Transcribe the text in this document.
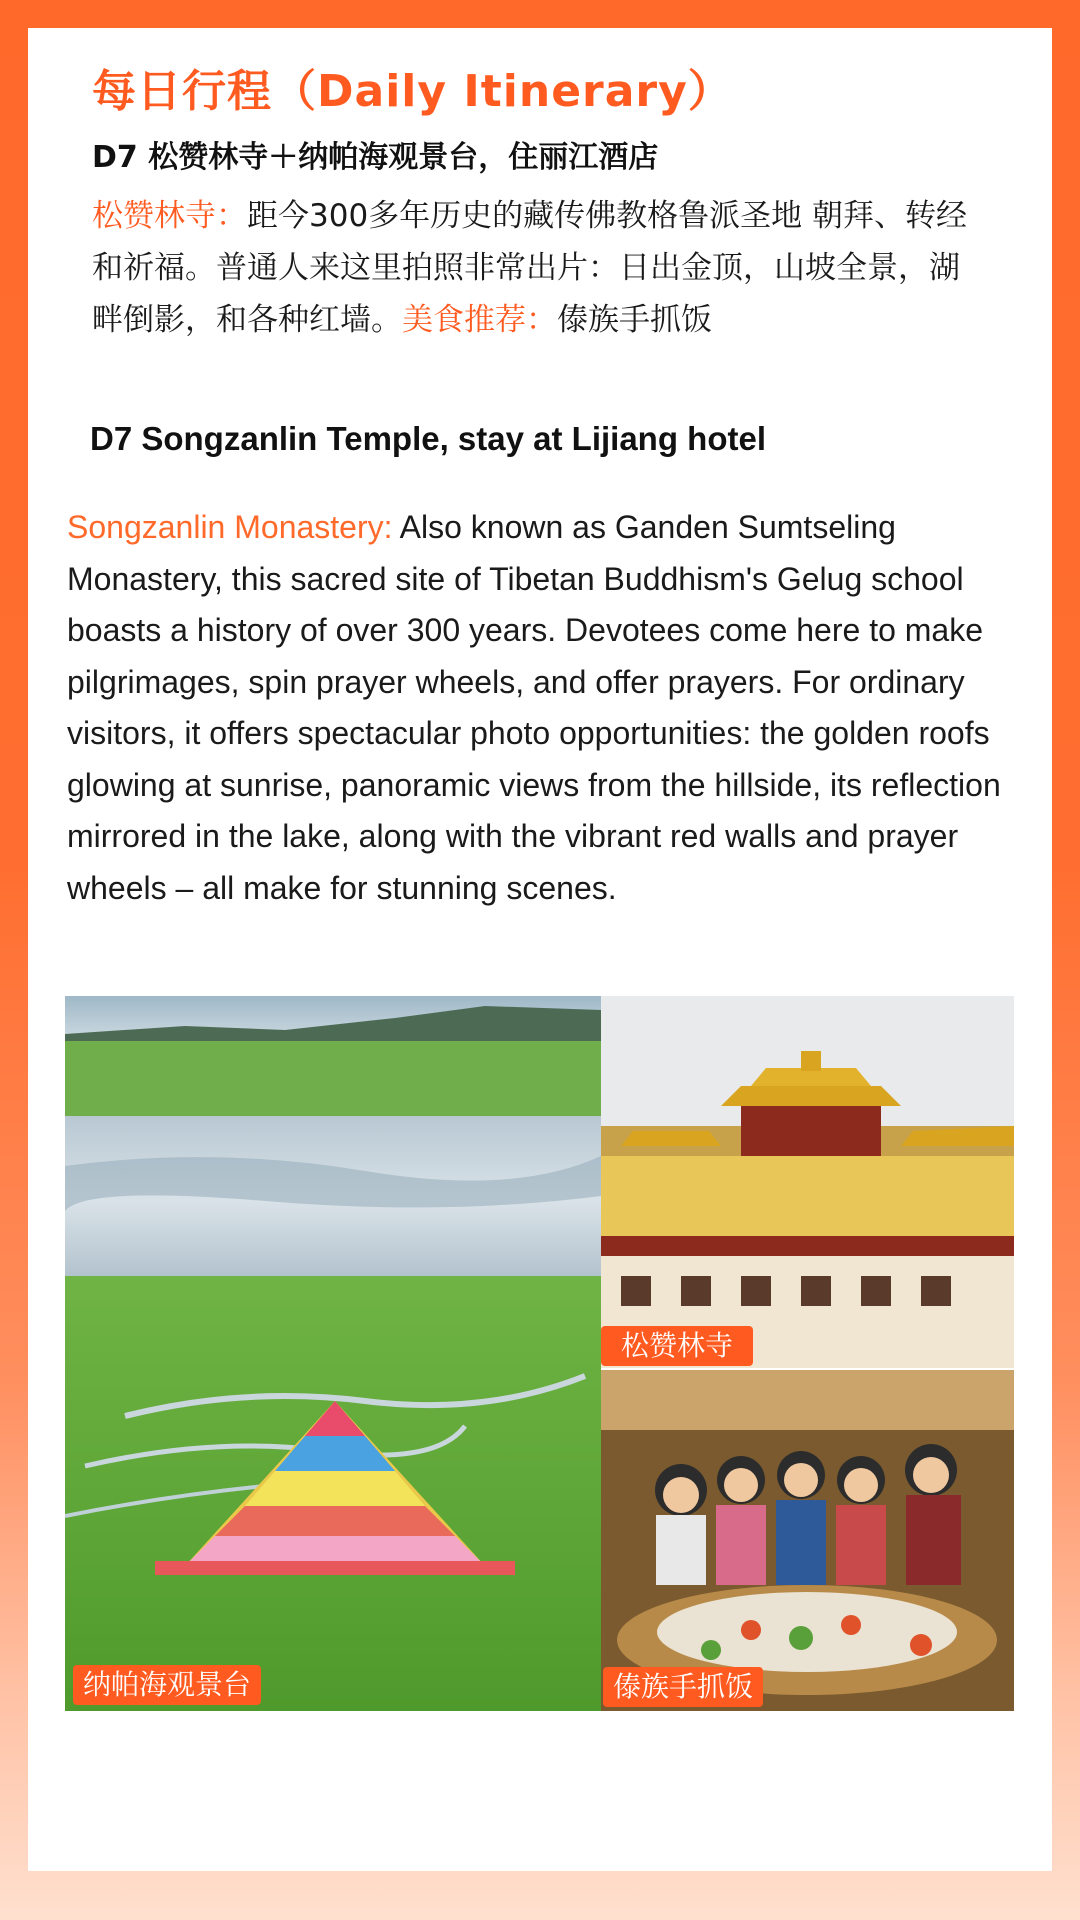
每日行程（Daily Itinerary）
D7 松赞林寺＋纳帕海观景台，住丽江酒店
松赞林寺：距今300多年历史的藏传佛教格鲁派圣地 朝拜、转经和祈福。普通人来这里拍照非常出片：日出金顶，山坡全景，湖畔倒影，和各种红墙。美食推荐：傣族手抓饭
D7 Songzanlin Temple, stay at Lijiang hotel
Songzanlin Monastery: Also known as Ganden Sumtseling Monastery, this sacred site of Tibetan Buddhism's Gelug school boasts a history of over 300 years. Devotees come here to make pilgrimages, spin prayer wheels, and offer prayers. For ordinary visitors, it offers spectacular photo opportunities: the golden roofs glowing at sunrise, panoramic views from the hillside, its reflection mirrored in the lake, along with the vibrant red walls and prayer wheels – all make for stunning scenes.
纳帕海观景台
松赞林寺
傣族手抓饭
